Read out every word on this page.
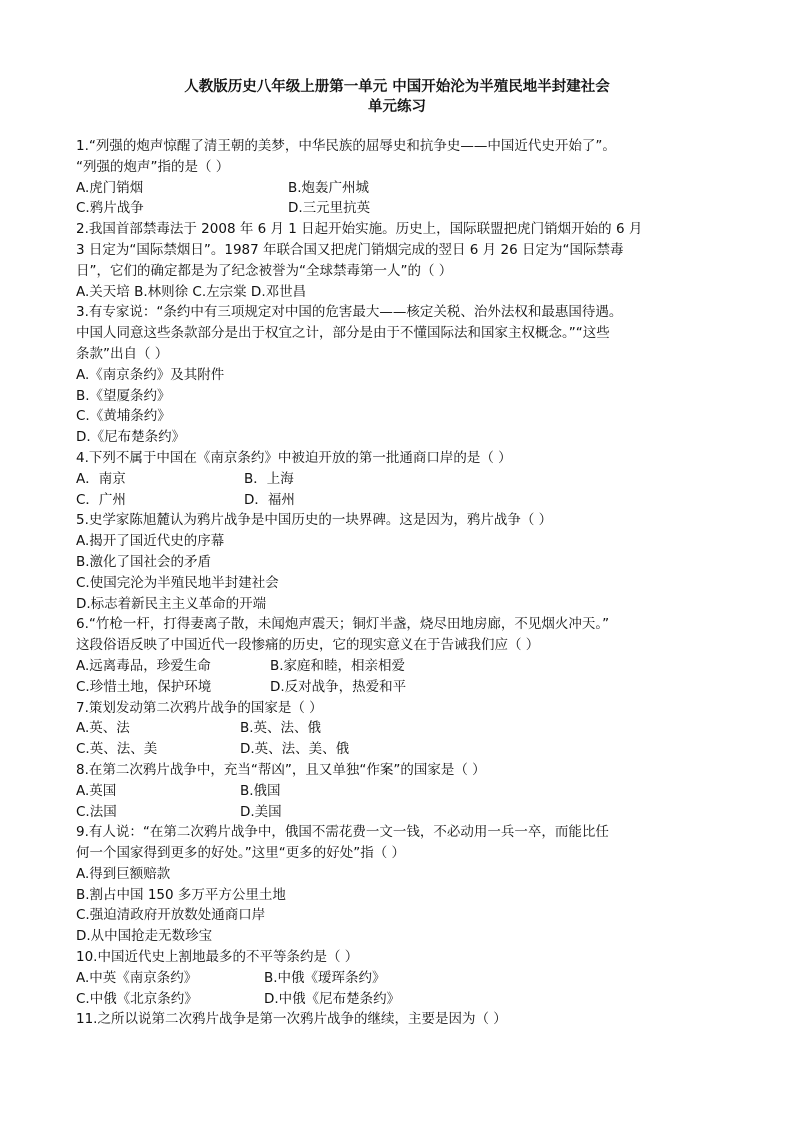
人教版历史八年级上册第一单元 中国开始沦为半殖民地半封建社会
单元练习
1.“列强的炮声惊醒了清王朝的美梦，中华民族的屈辱史和抗争史——中国近代史开始了”。
“列强的炮声”指的是（ ）
A.虎门销烟	B.炮轰广州城
C.鸦片战争	D.三元里抗英
2.我国首部禁毒法于 2008 年 6 月 1 日起开始实施。历史上，国际联盟把虎门销烟开始的 6 月
3 日定为“国际禁烟日”。1987 年联合国又把虎门销烟完成的翌日 6 月 26 日定为“国际禁毒
日”，它们的确定都是为了纪念被誉为“全球禁毒第一人”的（ ）
A.关天培 B.林则徐 C.左宗棠 D.邓世昌
3.有专家说：“条约中有三项规定对中国的危害最大——核定关税、治外法权和最惠国待遇。
中国人同意这些条款部分是出于权宜之计，部分是由于不懂国际法和国家主权概念。”“这些
条款”出自（ ）
A.《南京条约》及其附件
B.《望厦条约》
C.《黄埔条约》
D.《尼布楚条约》
4.下列不属于中国在《南京条约》中被迫开放的第一批通商口岸的是（ ）
A．南京	B．上海
C．广州	D．福州
5.史学家陈旭麓认为鸦片战争是中国历史的一块界碑。这是因为，鸦片战争（ ）
A.揭开了国近代史的序幕
B.激化了国社会的矛盾
C.使国完沦为半殖民地半封建社会
D.标志着新民主主义革命的开端
6.“竹枪一杆，打得妻离子散，未闻炮声震天；铜灯半盏，烧尽田地房廊，不见烟火冲天。”
这段俗语反映了中国近代一段惨痛的历史，它的现实意义在于告诫我们应（ ）
A.远离毒品，珍爱生命	B.家庭和睦，相亲相爱
C.珍惜土地，保护环境	D.反对战争，热爱和平
7.策划发动第二次鸦片战争的国家是（ ）
A.英、法	B.英、法、俄
C.英、法、美	D.英、法、美、俄
8.在第二次鸦片战争中，充当“帮凶”，且又单独“作案”的国家是（ ）
A.英国	B.俄国
C.法国	D.美国
9.有人说：“在第二次鸦片战争中，俄国不需花费一文一钱，不必动用一兵一卒，而能比任
何一个国家得到更多的好处。”这里“更多的好处”指（ ）
A.得到巨额赔款
B.割占中国 150 多万平方公里土地
C.强迫清政府开放数处通商口岸
D.从中国抢走无数珍宝
10.中国近代史上割地最多的不平等条约是（ ）
A.中英《南京条约》	B.中俄《瑷珲条约》
C.中俄《北京条约》	D.中俄《尼布楚条约》
11.之所以说第二次鸦片战争是第一次鸦片战争的继续，主要是因为（ ）
